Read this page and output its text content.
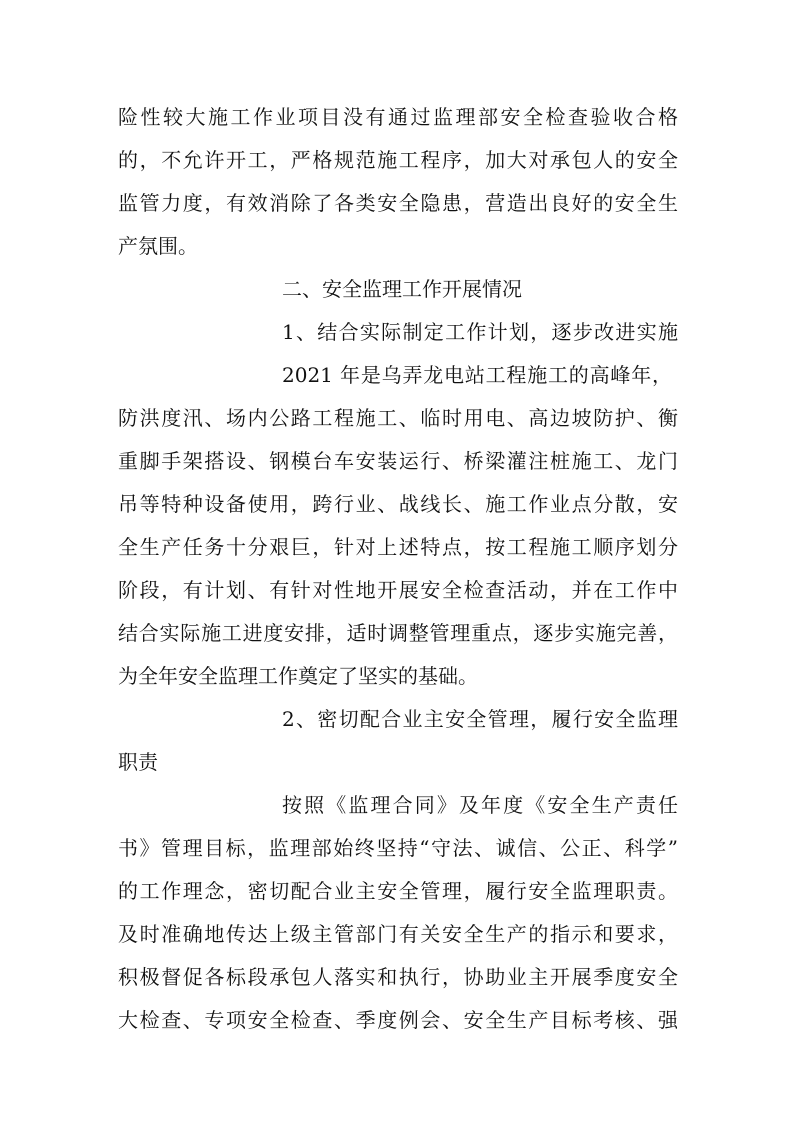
险性较大施工作业项目没有通过监理部安全检查验收合格
的，不允许开工，严格规范施工程序，加大对承包人的安全
监管力度，有效消除了各类安全隐患，营造出良好的安全生
产氛围。
二、安全监理工作开展情况
1、结合实际制定工作计划，逐步改进实施
2021 年是乌弄龙电站工程施工的高峰年，
防洪度汛、场内公路工程施工、临时用电、高边坡防护、衡
重脚手架搭设、钢模台车安装运行、桥梁灌注桩施工、龙门
吊等特种设备使用，跨行业、战线长、施工作业点分散，安
全生产任务十分艰巨，针对上述特点，按工程施工顺序划分
阶段，有计划、有针对性地开展安全检查活动，并在工作中
结合实际施工进度安排，适时调整管理重点，逐步实施完善，
为全年安全监理工作奠定了坚实的基础。
2、密切配合业主安全管理，履行安全监理
职责
按照《监理合同》及年度《安全生产责任
书》管理目标，监理部始终坚持“守法、诚信、公正、科学”
的工作理念，密切配合业主安全管理，履行安全监理职责。
及时准确地传达上级主管部门有关安全生产的指示和要求，
积极督促各标段承包人落实和执行，协助业主开展季度安全
大检查、专项安全检查、季度例会、安全生产目标考核、强
